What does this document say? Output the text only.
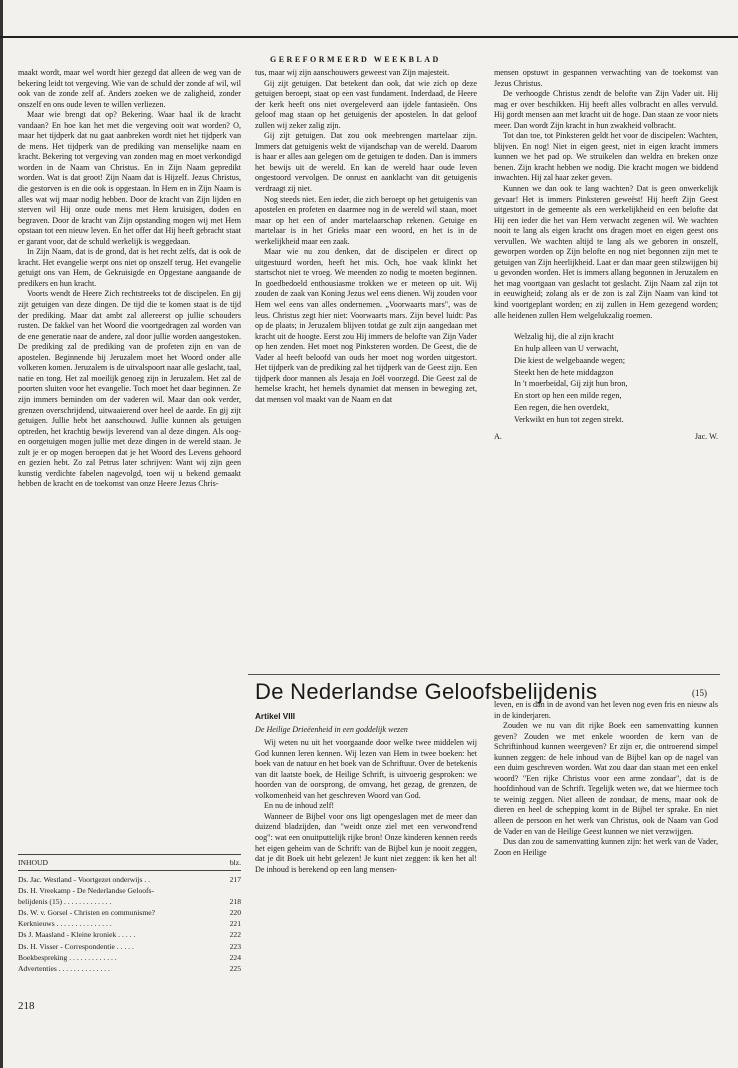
GEREFORMEERD WEEKBLAD

maakt wordt, maar wel wordt hier gezegd dat alleen de weg van de bekering leidt tot vergeving. Wie van de schuld der zonde af wil, wil ook van de zonde zelf af. Anders zoeken we de zaligheid, zonder onszelf en ons oude leven te willen verliezen.

Maar wie brengt dat op? Bekering. Waar haal ik de kracht vandaan? En hoe kan het met die vergeving ooit wat worden? O, maar het tijdperk dat nu gaat aanbreken wordt niet het tijdperk van de mens. Het tijdperk van de prediking van menselijke naam en kracht. Bekering tot vergeving van zonden mag en moet verkondigd worden in de Naam van Christus. En in Zijn Naam gepredikt worden. Wat is dat groot! Zijn Naam dat is Hijzelf. Jezus Christus, die gestorven is en die ook is opgestaan. In Hem en in Zijn Naam is alles wat wij maar nodig hebben. Door de kracht van Zijn lijden en sterven wil Hij onze oude mens met Hem kruisigen, doden en begraven. Door de kracht van Zijn opstanding mogen wij met Hem opstaan tot een nieuw leven. En het offer dat Hij heeft gebracht staat er garant voor, dat de schuld werkelijk is weggedaan.

In Zijn Naam, dat is de grond, dat is het recht zelfs, dat is ook de kracht. Het evangelie werpt ons niet op onszelf terug. Het evangelie getuigt ons van Hem, de Gekruisigde en Opgestane aangaande de predikers en hun kracht.

Voorts wendt de Heere Zich rechtstreeks tot de discipelen. En gij zijt getuigen van deze dingen. De tijd die te komen staat is de tijd der prediking. Maar dat ambt zal allereerst op jullie schouders rusten. De fakkel van het Woord die voortgedragen zal worden van de ene generatie naar de andere, zal door jullie worden aangestoken. De prediking zal de prediking van de profeten zijn en van de apostelen. Beginnende bij Jeruzalem moet het Woord onder alle volkeren komen. Jeruzalem is de uitvalspoort naar alle geslacht, taal, natie en tong. Het zal moeilijk genoeg zijn in Jeruzalem. Het zal de poorten sluiten voor het evangelie. Toch moet het daar beginnen. Ze zijn immers beminden om der vaderen wil. Maar dan ook verder, grenzen overschrijdend, uitwaaierend over heel de aarde. En gij zijt getuigen. Jullie hebt het aanschouwd. Jullie kunnen als getuigen optreden, het krachtig bewijs leverend van al deze dingen. Als oog- en oorgetuigen mogen jullie met deze dingen in de wereld staan. Je zult je er op mogen beroepen dat je het Woord des Levens gehoord en gezien hebt. Zo zal Petrus later schrijven: Want wij zijn geen kunstig verdichte fabelen nagevolgd, toen wij u bekend gemaakt hebben de kracht en de toekomst van onze Heere Jezus Chris-

tus, maar wij zijn aanschouwers geweest van Zijn majesteit.

Gij zijt getuigen. Dat betekent dan ook, dat wie zich op deze getuigen beroept, staat op een vast fundament. Inderdaad, de Heere der kerk heeft ons niet overgeleverd aan ijdele fantasieën. Ons geloof mag staan op het getuigenis der apostelen. In dat geloof zullen wij zeker zalig zijn.

Gij zijt getuigen. Dat zou ook meebrengen martelaar zijn. Immers dat getuigenis wekt de vijandschap van de wereld. Daarom is haar er alles aan gelegen om de getuigen te doden. Dan is immers het bewijs uit de wereld. En kan de wereld haar oude leven ongestoord vervolgen. De onrust en aanklacht van dit getuigenis verdraagt zij niet.

Nog steeds niet. Een ieder, die zich beroept op het getuigenis van apostelen en profeten en daarmee nog in de wereld wil staan, moet maar op het een of ander martelaarschap rekenen. Getuige en martelaar is in het Grieks maar een woord, en het is in de werkelijkheid maar een zaak.

Maar wie nu zou denken, dat de discipelen er direct op uitgestuurd worden, heeft het mis. Och, hoe vaak klinkt het startschot niet te vroeg. We meenden zo nodig te moeten beginnen. In goedbedoeld enthousiasme trokken we er meteen op uit. Wij zouden de zaak van Koning Jezus wel eens dienen. Wij zouden voor Hem wel eens van alles ondernemen. „Voorwaarts mars", was de leus. Christus zegt hier niet: Voorwaarts mars. Zijn bevel luidt: Pas op de plaats; in Jeruzalem blijven totdat ge zult zijn aangedaan met kracht uit de hoogte. Eerst zou Hij immers de belofte van Zijn Vader op hen zenden. Het moet nog Pinksteren worden. De Geest, die de Vader al heeft beloofd van ouds her moet nog worden uitgestort. Het tijdperk van de prediking zal het tijdperk van de Geest zijn. Een tijdperk door mannen als Jesaja en Joël voorzegd. Die Geest zal de hemelse kracht, het hemels dynamiet dat mensen in beweging zet, dat mensen vol maakt van de Naam en dat

mensen opstuwt in gespannen verwachting van de toekomst van Jezus Christus.

De verhoogde Christus zendt de belofte van Zijn Vader uit. Hij mag er over beschikken. Hij heeft alles volbracht en alles vervuld. Hij gordt mensen aan met kracht uit de hoge. Dan staan ze voor niets meer. Dan wordt Zijn kracht in hun zwakheid volbracht.

Tot dan toe, tot Pinksteren geldt het voor de discipelen: Wachten, blijven. En nog! Niet in eigen geest, niet in eigen kracht immers kunnen we het pad op. We struikelen dan weldra en breken onze benen. Zijn kracht hebben we nodig. Die kracht mogen we biddend inwachten. Hij zal haar zeker geven.

Kunnen we dan ook te lang wachten? Dat is geen onwerkelijk gevaar! Het is immers Pinksteren geweëst! Hij heeft Zijn Geest uitgestort in de gemeente als een werkelijkheid en een belofte dat Hij een ieder die het van Hem verwacht zegenen wil. We wachten nooit te lang als eigen kracht ons dragen moet en eigen geest ons vervullen. We wachten altijd te lang als we geboren in onszelf, geworpen worden op Zijn belofte en nog niet begonnen zijn met te getuigen van Zijn heerlijkheid. Laat er dan maar geen stilzwijgen bij u gevonden worden. Het is immers allang begonnen in Jeruzalem en het mag voortgaan van geslacht tot geslacht. Zijn Naam zal zijn tot in eeuwigheid; zolang als er de zon is zal Zijn Naam van kind tot kind voortgeplant worden; en zij zullen in Hem gezegend worden; alle heidenen zullen Hem welgelukzalig roemen.

Welzalig hij, die al zijn kracht
En hulp alleen van U verwacht,
Die kiest de welgebaande wegen;
Steekt hen de hete middagzon
In 't moerbeidal, Gij zijt hun bron,
En stort op hen een milde regen,
Een regen, die hen overdekt,
Verkwikt en hun tot zegen strekt.
A.	Jac. W.
De Nederlandse Geloofsbelijdenis	(15)
Artikel VIII
De Heilige Drieëenheid in een goddelijk wezen

Wij weten nu uit het voorgaande door welke twee middelen wij God kunnen leren kennen. Wij lezen van Hem in twee boeken: het boek van de natuur en het boek van de Schriftuur. Over de betekenis van dit laatste boek, de Heilige Schrift, is uitvoerig gesproken: we hoorden van de oorsprong, de omvang, het gezag, de grenzen, de volkomenheid van het geschreven Woord van God.

En nu de inhoud zelf!

Wanneer de Bijbel voor ons ligt opengeslagen met de meer dan duizend bladzijden, dan "weidt onze ziel met een verwond'rend oog": wat een onuitputtelijk rijke bron! Onze kinderen kennen reeds het eigen geheim van de Schrift: van de Bijbel kun je nooit zeggen, dat je dit Boek uit hebt gelezen! Je kunt niet zeggen: ik ken het al! De inhoud is berekend op een lang mensen-

leven, en is dan in de avond van het leven nog even fris en nieuw als in de kinderjaren.

Zouden we nu van dit rijke Boek een samenvatting kunnen geven? Zouden we met enkele woorden de kern van de Schriftinhoud kunnen weergeven? Er zijn er, die ontroerend simpel kunnen zeggen: de hele inhoud van de Bijbel kan op de nagel van een duim geschreven worden. Wat zou daar dan staan met een enkel woord? "Een rijke Christus voor een arme zondaar", dat is de hoofdinhoud van de Schrift. Tegelijk weten we, dat we hiermee toch te weinig zeggen. Niet alleen de zondaar, de mens, maar ook de dieren en heel de schepping komt in de Bijbel ter sprake. En niet alleen de persoon en het werk van Christus, ook de Naam van God de Vader en van de Heilige Geest kunnen we niet verzwijgen.

Dus dan zou de samenvatting kunnen zijn: het werk van de Vader, Zoon en Heilige

INHOUD	blz.
Ds. Jac. Westland - Voortgezet onderwijs . .	217
Ds. H. Vreekamp - De Nederlandse Geloofs-
belijdenis (15) . . . . . . . . . . . . .	218
Ds. W. v. Gorsel - Christen en communisme?	220
Kerknieuws . . . . . . . . . . . . . . .	221
Ds J. Maasland - Kleine kroniek . . . . .	222
Ds. H. Visser - Correspondentie . . . . .	223
Boekbespreking . . . . . . . . . . . . .	224
Advertenties . . . . . . . . . . . . . .	225
218
